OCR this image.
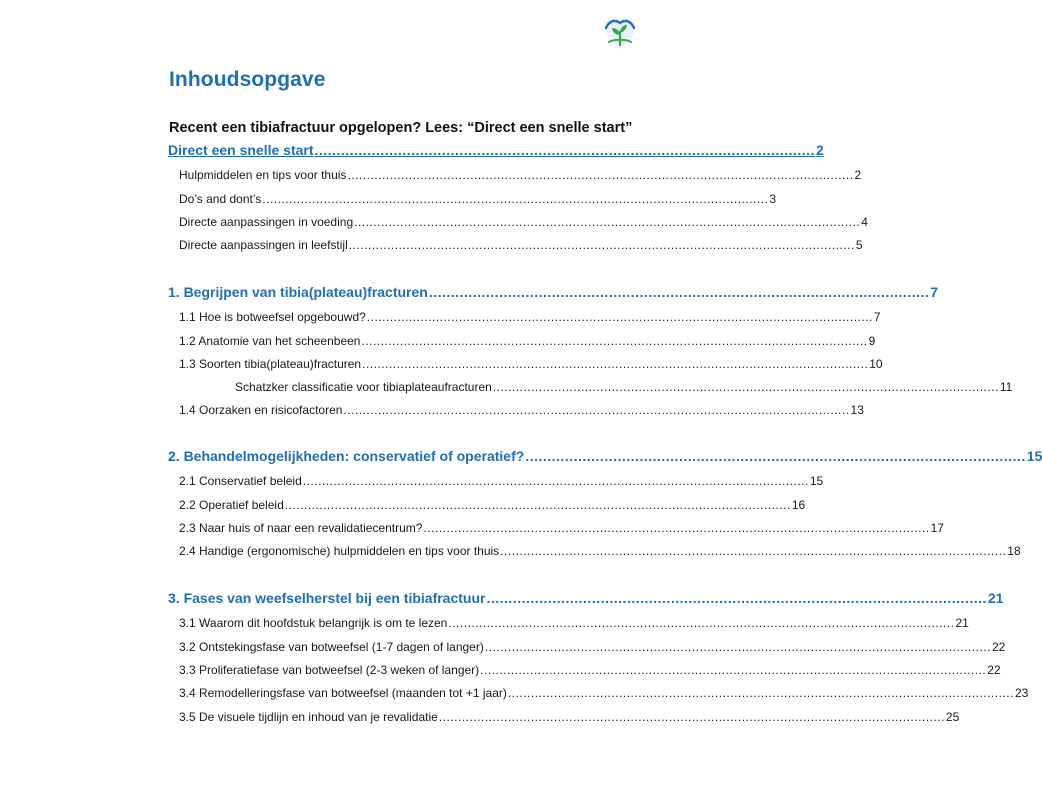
Inhoudsopgave
Recent een tibiafractuur opgelopen? Lees: “Direct een snelle start”
Direct een snelle start .................................................................................................................. 2
Hulpmiddelen en tips voor thuis .................................................................................................................................... 2
Do’s and dont’s .................................................................................................................................... 3
Directe aanpassingen in voeding .................................................................................................................................... 4
Directe aanpassingen in leefstijl .................................................................................................................................... 5
1. Begrijpen van tibia(plateau)fracturen .................................................................................................................. 7
1.1 Hoe is botweefsel opgebouwd? .................................................................................................................................... 7
1.2 Anatomie van het scheenbeen .................................................................................................................................... 9
1.3 Soorten tibia(plateau)fracturen .................................................................................................................................... 10
Schatzker classificatie voor tibiaplateaufracturen .................................................................................................................................... 11
1.4 Oorzaken en risicofactoren .................................................................................................................................... 13
2. Behandelmogelijkheden: conservatief of operatief? .................................................................................................................. 15
2.1 Conservatief beleid .................................................................................................................................... 15
2.2 Operatief beleid .................................................................................................................................... 16
2.3 Naar huis of naar een revalidatiecentrum? .................................................................................................................................... 17
2.4 Handige (ergonomische) hulpmiddelen en tips voor thuis .................................................................................................................................... 18
3. Fases van weefselherstel bij een tibiafractuur .................................................................................................................. 21
3.1 Waarom dit hoofdstuk belangrijk is om te lezen .................................................................................................................................... 21
3.2 Ontstekingsfase van botweefsel (1-7 dagen of langer) .................................................................................................................................... 22
3.3 Proliferatiefase van botweefsel (2-3 weken of langer) .................................................................................................................................... 22
3.4 Remodelleringsfase van botweefsel (maanden tot +1 jaar) .................................................................................................................................... 23
3.5 De visuele tijdlijn en inhoud van je revalidatie .................................................................................................................................... 25
